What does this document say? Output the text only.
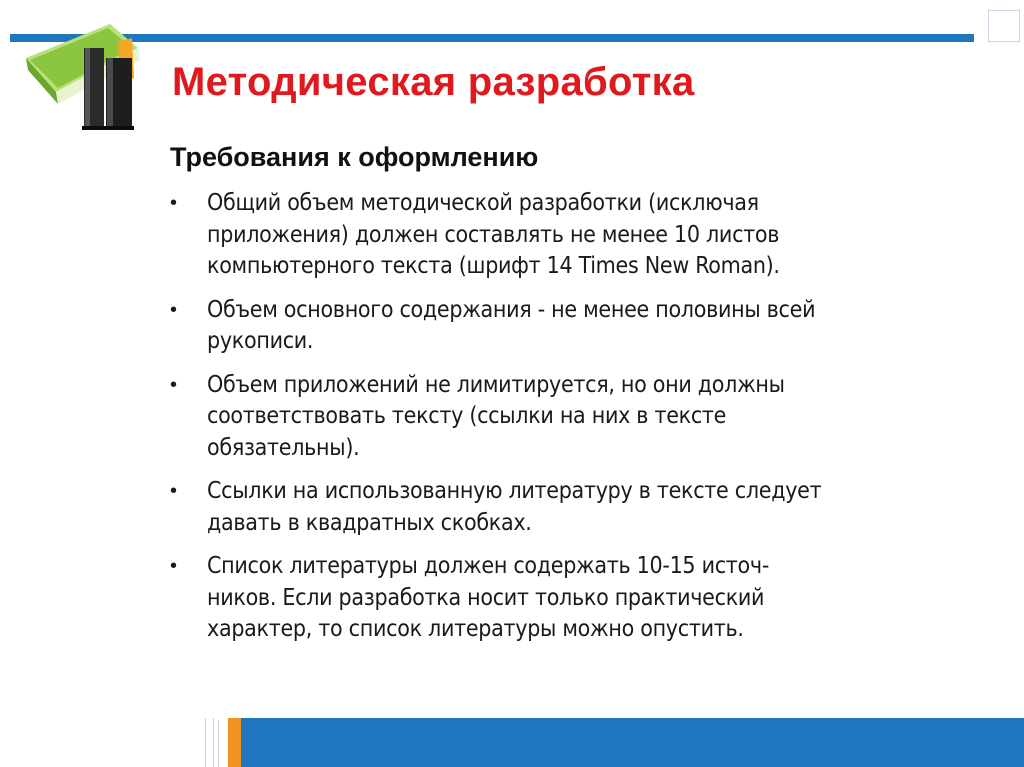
Методическая разработка
Требования к оформлению
• Общий объем методической разработки (исключая
приложения) должен составлять не менее 10 листов
компьютерного текста (шрифт 14 Times New Roman).
• Объем основного содержания - не менее половины всей
рукописи.
• Объем приложений не лимитируется, но они должны
соответствовать тексту (ссылки на них в тексте
обязательны).
• Ссылки на использованную литературу в тексте следует
давать в квадратных скобках.
• Список литературы должен содержать 10-15 источ-
ников. Если разработка носит только практический
характер, то список литературы можно опустить.
